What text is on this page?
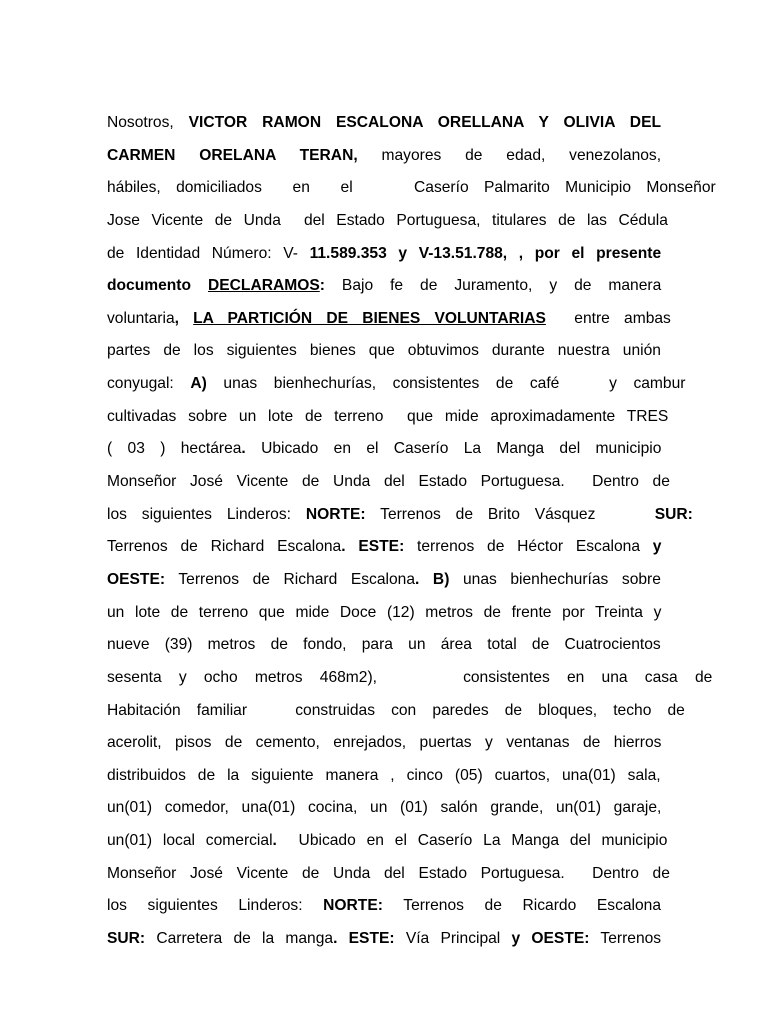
Nosotros, VICTOR RAMON ESCALONA ORELLANA Y OLIVIA DEL
CARMEN ORELANA TERAN, mayores de edad, venezolanos,
hábiles, domiciliados  en  el    Caserío Palmarito Municipio Monseñor
Jose Vicente de Unda  del Estado Portuguesa, titulares de las Cédula
de Identidad Número: V- 11.589.353 y V-13.51.788, , por el presente
documento DECLARAMOS: Bajo fe de Juramento, y de manera
voluntaria, LA PARTICIÓN DE BIENES VOLUNTARIAS  entre ambas
partes de los siguientes bienes que obtuvimos durante nuestra unión
conyugal: A) unas bienhechurías, consistentes de café   y cambur
cultivadas sobre un lote de terreno  que mide aproximadamente TRES
( 03 ) hectárea. Ubicado en el Caserío La Manga del municipio
Monseñor José Vicente de Unda del Estado Portuguesa.  Dentro de
los siguientes Linderos: NORTE: Terrenos de Brito Vásquez    SUR:
Terrenos de Richard Escalona. ESTE: terrenos de Héctor Escalona y
OESTE: Terrenos de Richard Escalona. B) unas bienhechurías sobre
un lote de terreno que mide Doce (12) metros de frente por Treinta y
nueve (39) metros de fondo, para un área total de Cuatrocientos
sesenta y ocho metros 468m2),     consistentes en una casa de
Habitación familiar   construidas con paredes de bloques, techo de
acerolit, pisos de cemento, enrejados, puertas y ventanas de hierros
distribuidos de la siguiente manera , cinco (05) cuartos, una(01) sala,
un(01) comedor, una(01) cocina, un (01) salón grande, un(01) garaje,
un(01) local comercial.  Ubicado en el Caserío La Manga del municipio
Monseñor José Vicente de Unda del Estado Portuguesa.  Dentro de
los siguientes Linderos: NORTE: Terrenos de Ricardo Escalona
SUR: Carretera de la manga. ESTE: Vía Principal y OESTE: Terrenos
